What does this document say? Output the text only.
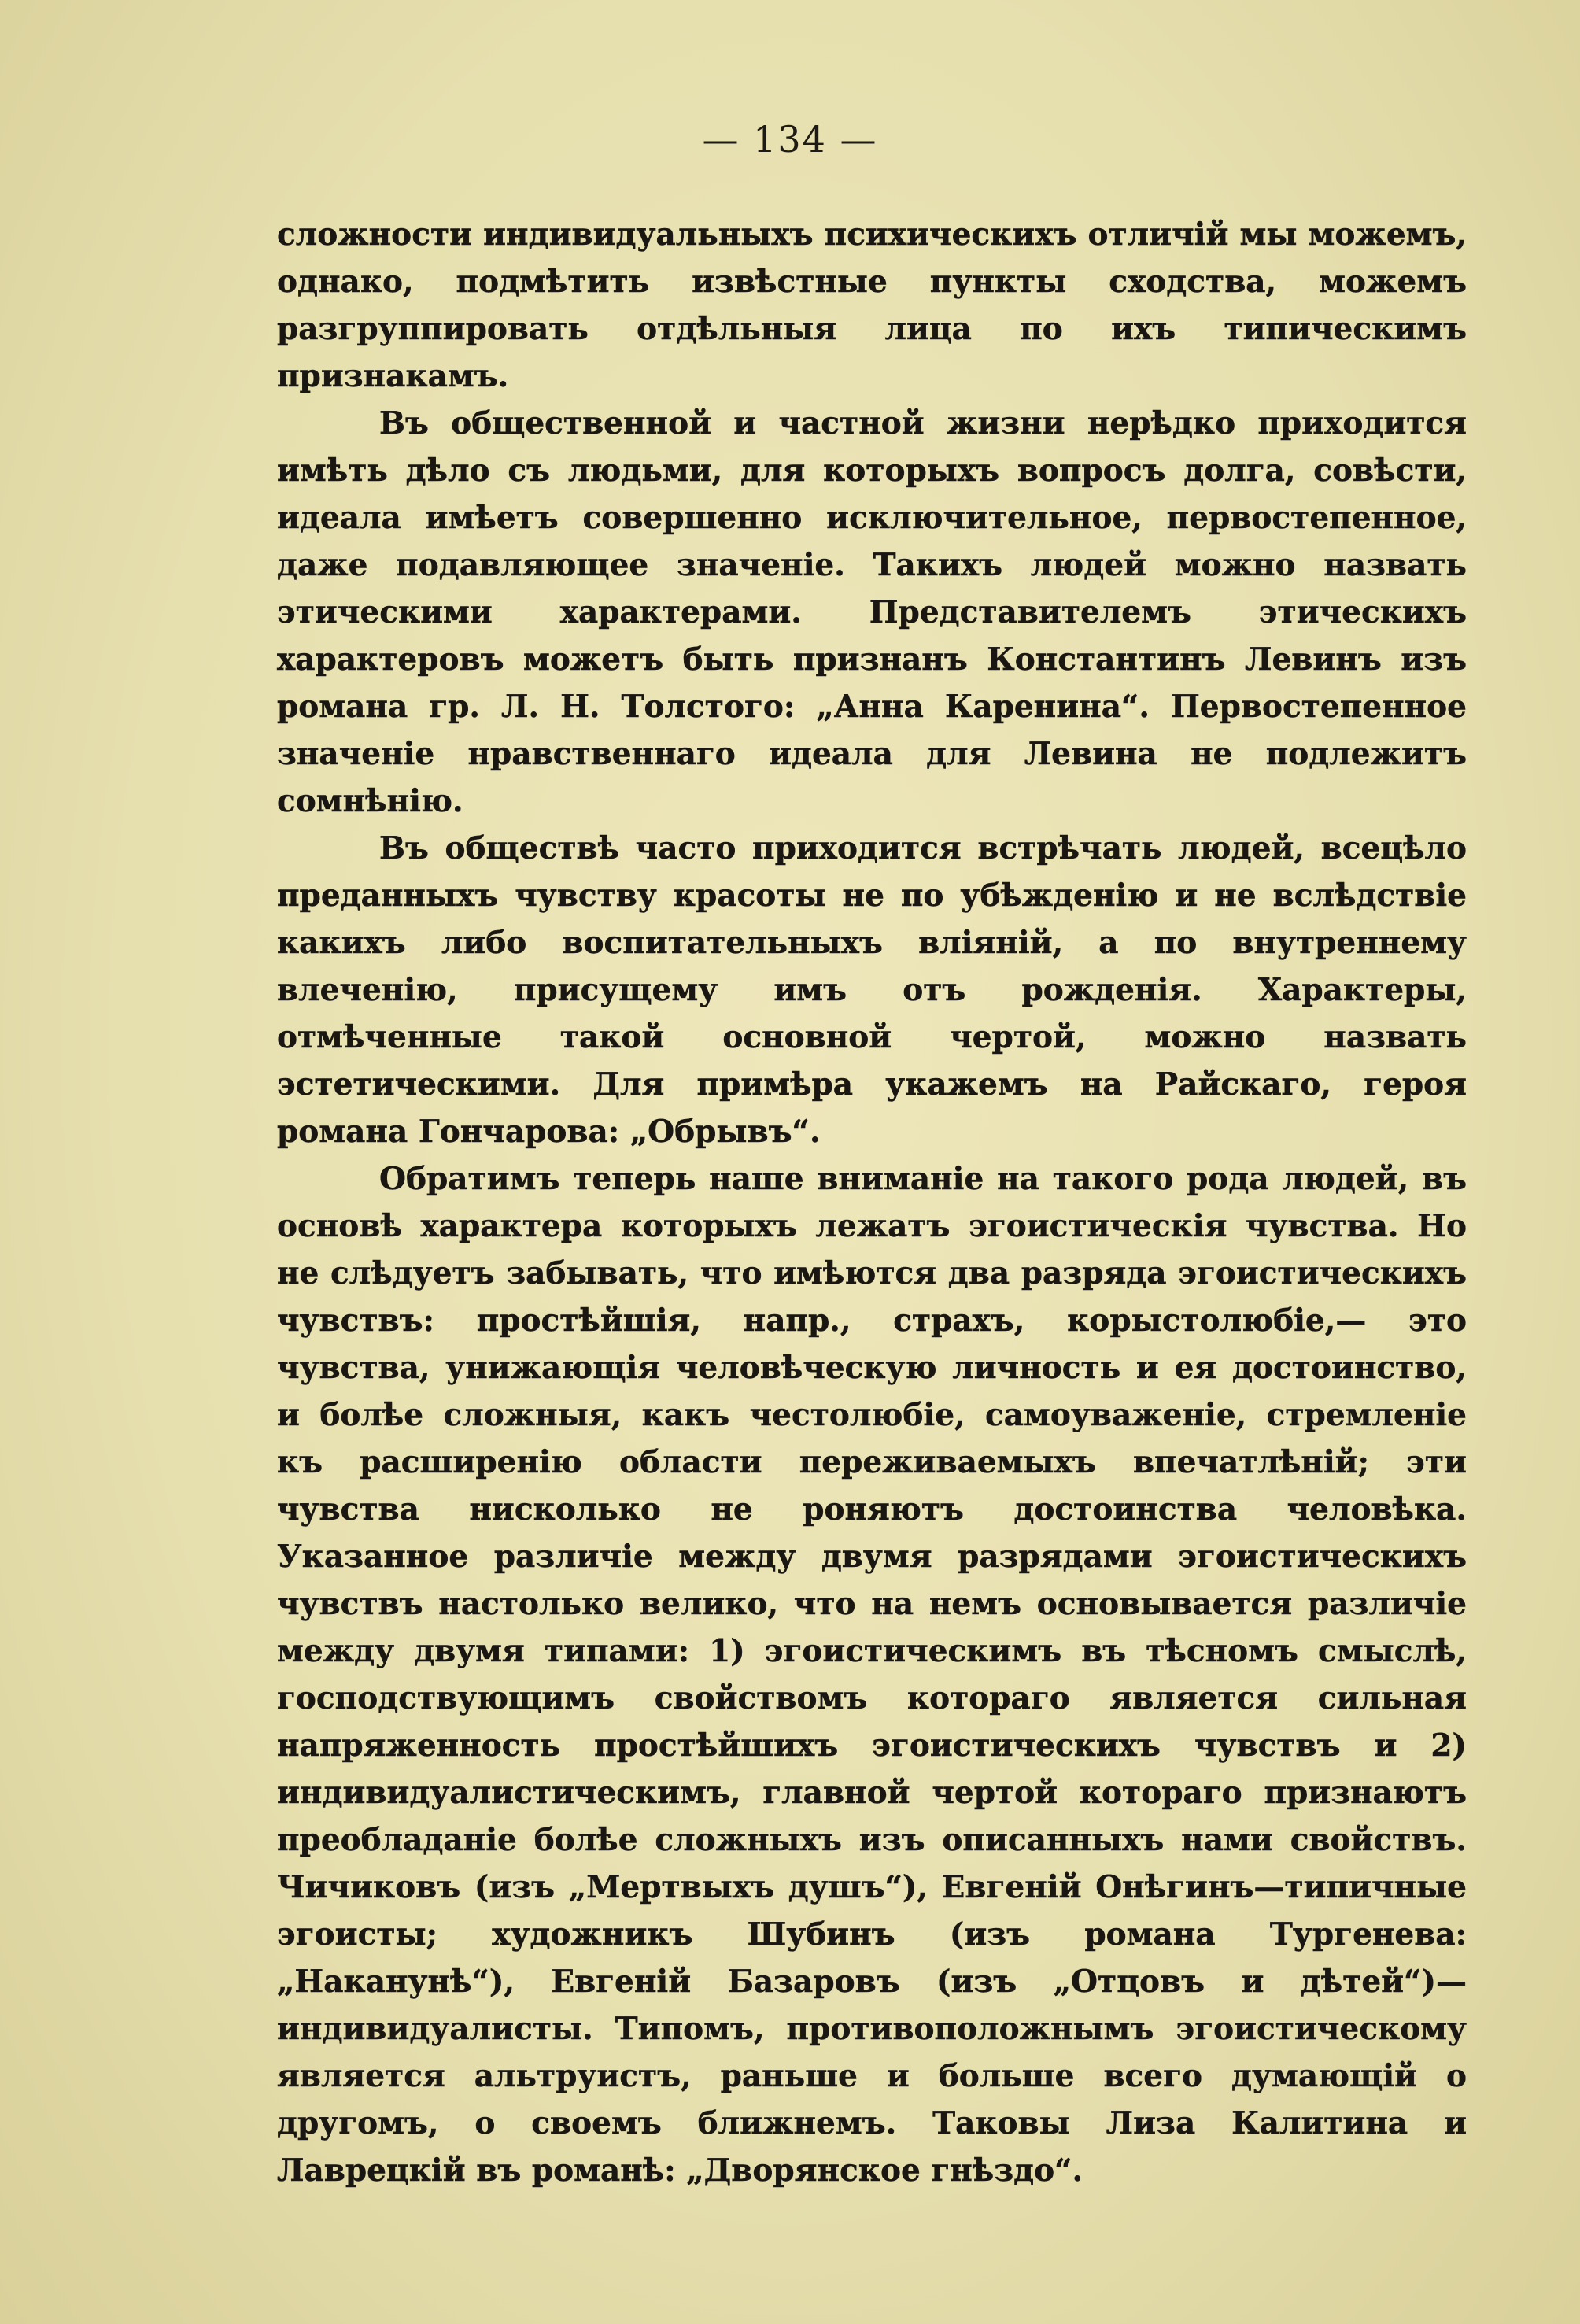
— 134 —

сложности индивидуальныхъ психическихъ отличій мы можемъ, однако, подмѣтить извѣстные пункты сходства, можемъ разгруппировать отдѣльныя лица по ихъ типическимъ признакамъ.

Въ общественной и частной жизни нерѣдко приходится имѣть дѣло съ людьми, для которыхъ вопросъ долга, совѣсти, идеала имѣетъ совершенно исключительное, первостепенное, даже подавляющее значеніе. Такихъ людей можно назвать этическими характерами. Представителемъ этическихъ характеровъ можетъ быть признанъ Константинъ Левинъ изъ романа гр. Л. Н. Толстого: „Анна Каренина“. Первостепенное значеніе нравственнаго идеала для Левина не подлежитъ сомнѣнію.

Въ обществѣ часто приходится встрѣчать людей, всецѣло преданныхъ чувству красоты не по убѣжденію и не вслѣдствіе какихъ либо воспитательныхъ вліяній, а по внутреннему влеченію, присущему имъ отъ рожденія. Характеры, отмѣченные такой основной чертой, можно назвать эстетическими. Для примѣра укажемъ на Райскаго, героя романа Гончарова: „Обрывъ“.

Обратимъ теперь наше вниманіе на такого рода людей, въ основѣ характера которыхъ лежатъ эгоистическія чувства. Но не слѣдуетъ забывать, что имѣются два разряда эгоистическихъ чувствъ: простѣйшія, напр., страхъ, корыстолюбіе,— это чувства, унижающія человѣческую личность и ея достоинство, и болѣе сложныя, какъ честолюбіе, самоуваженіе, стремленіе къ расширенію области переживаемыхъ впечатлѣній; эти чувства нисколько не роняютъ достоинства человѣка. Указанное различіе между двумя разрядами эгоистическихъ чувствъ настолько велико, что на немъ основывается различіе между двумя типами: 1) эгоистическимъ въ тѣсномъ смыслѣ, господствующимъ свойствомъ котораго является сильная напряженность простѣйшихъ эгоистическихъ чувствъ и 2) индивидуалистическимъ, главной чертой котораго признаютъ преобладаніе болѣе сложныхъ изъ описанныхъ нами свойствъ. Чичиковъ (изъ „Мертвыхъ душъ“), Евгеній Онѣгинъ—типичные эгоисты; художникъ Шубинъ (изъ романа Тургенева: „Наканунѣ“), Евгеній Базаровъ (изъ „Отцовъ и дѣтей“)—индивидуалисты. Типомъ, противоположнымъ эгоистическому является альтруистъ, раньше и больше всего думающій о другомъ, о своемъ ближнемъ. Таковы Лиза Калитина и Лаврецкій въ романѣ: „Дворянское гнѣздо“.
